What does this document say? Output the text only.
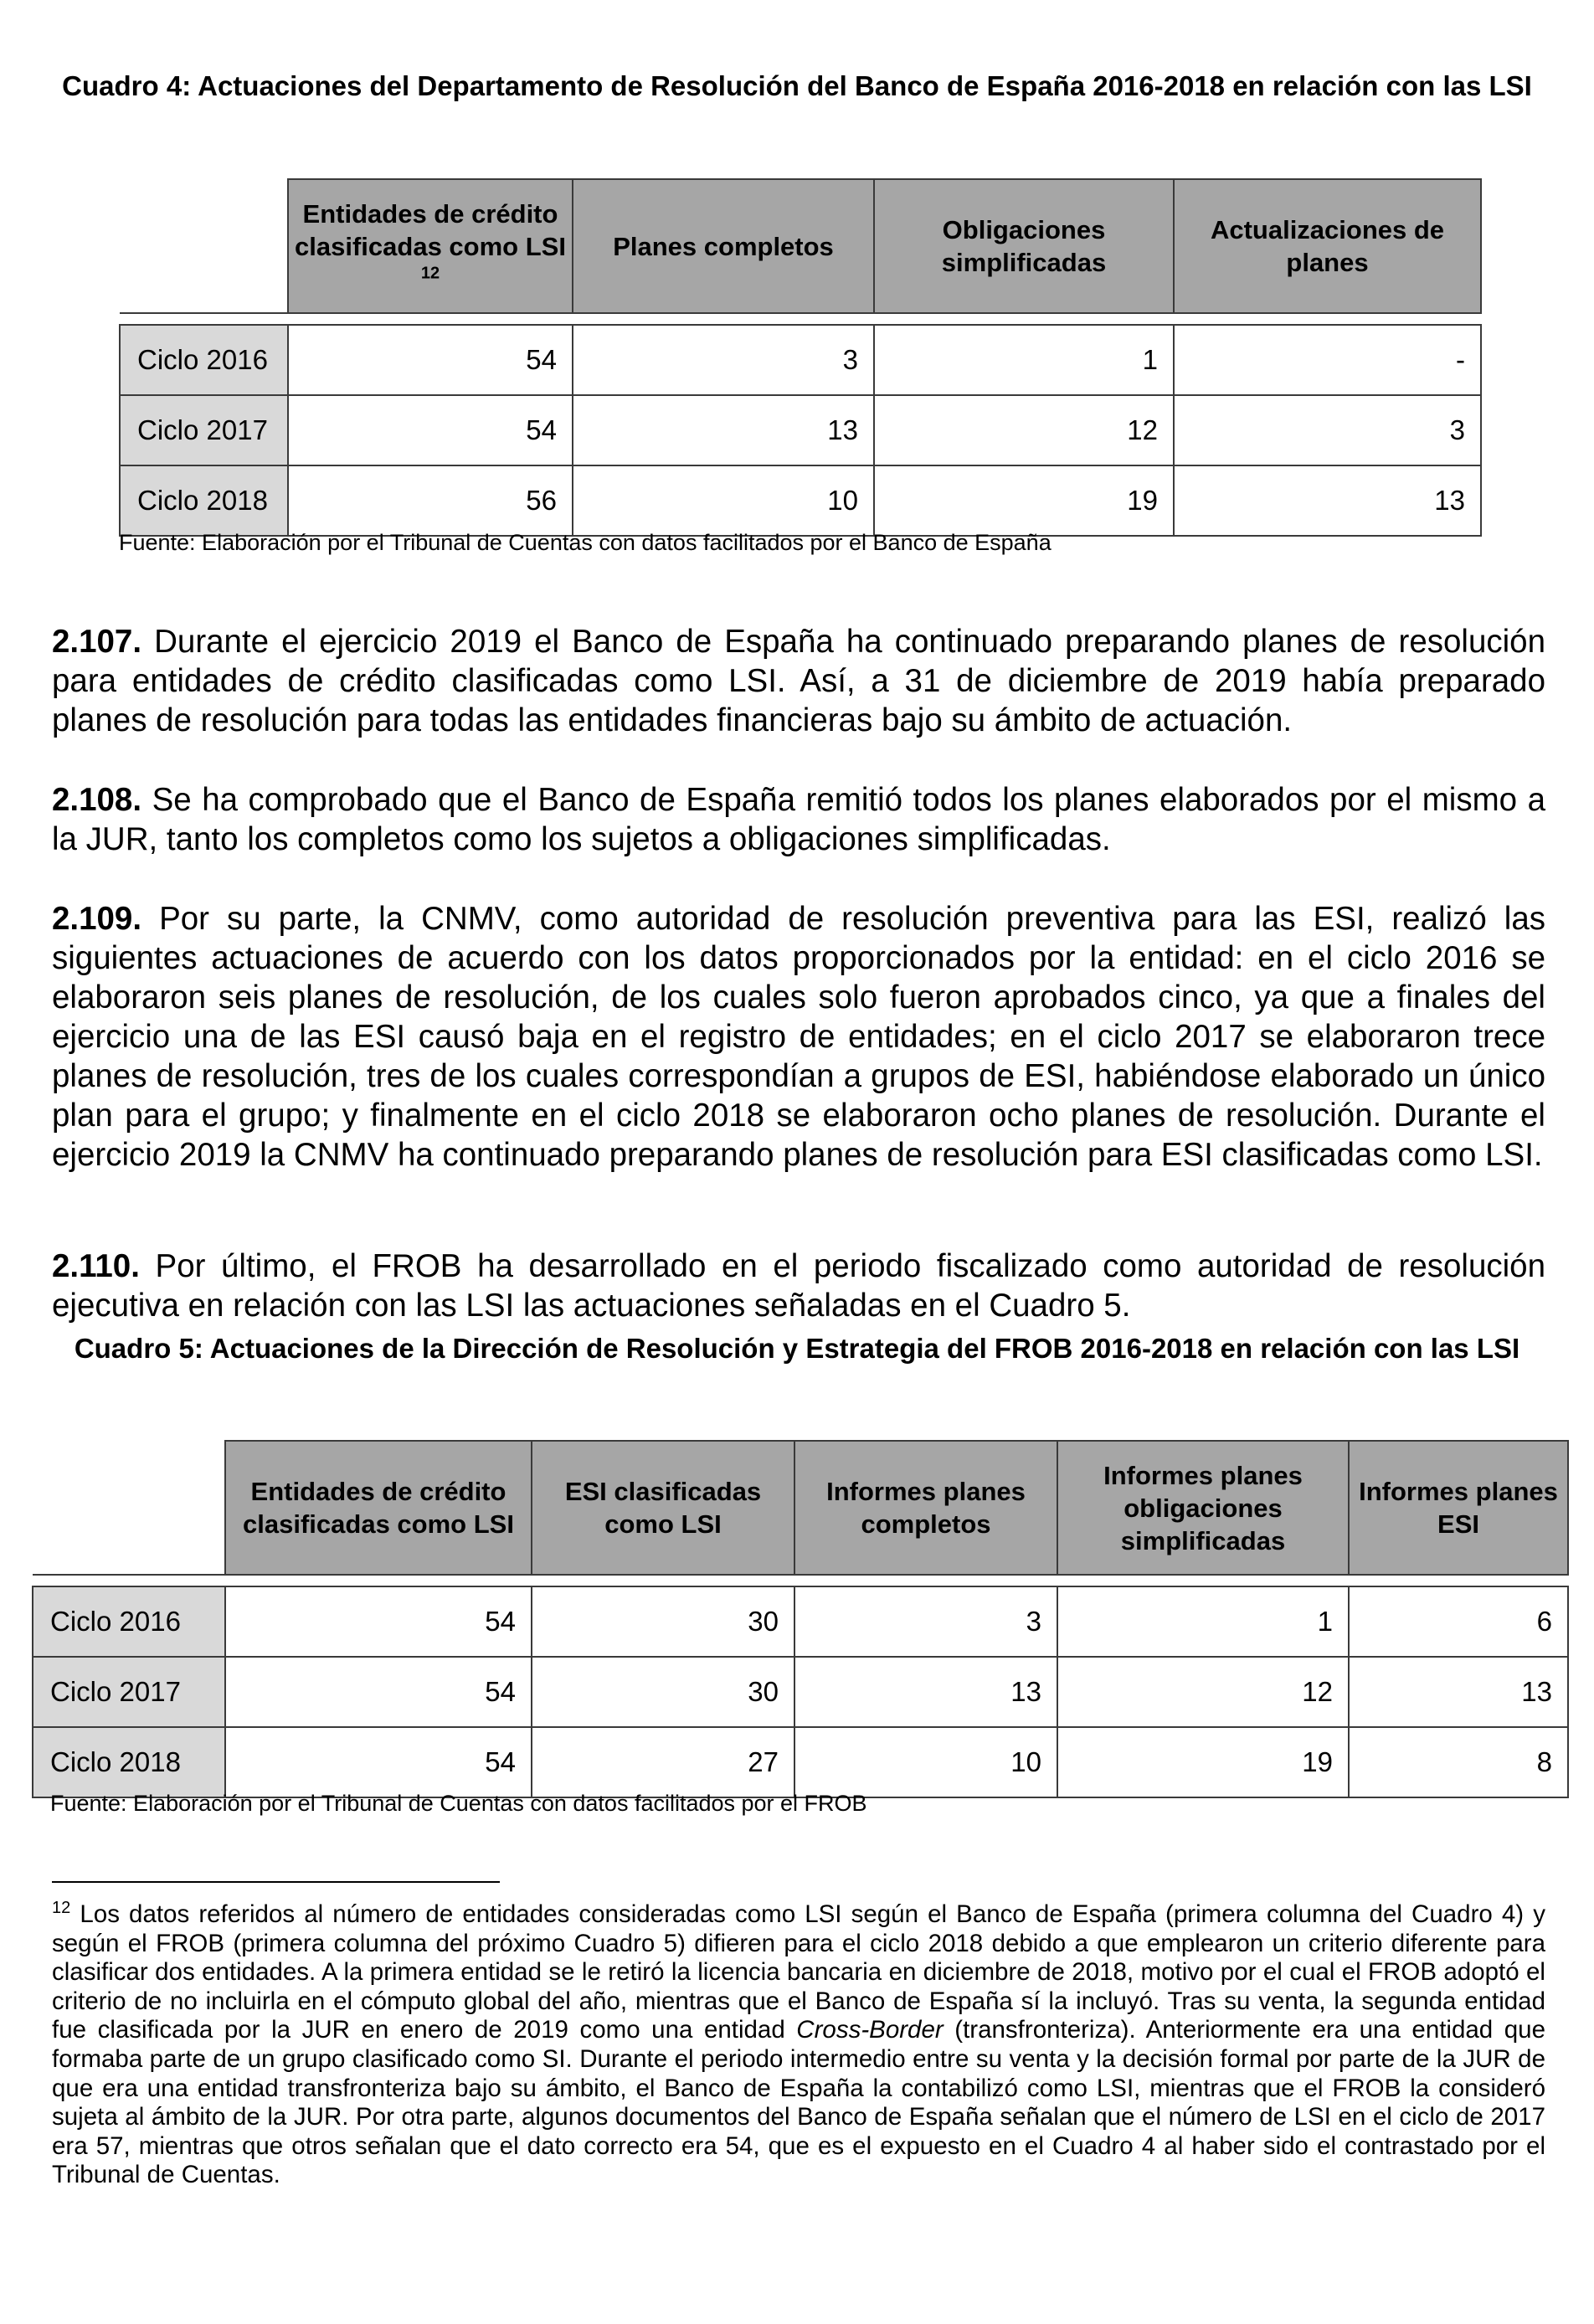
Cuadro 4: Actuaciones del Departamento de Resolución del Banco de España 2016-2018 en relación con las LSI
	Entidades de crédito clasificadas como LSI $^{12}$	Planes completos	Obligaciones simplificadas	Actualizaciones de planes

Ciclo 2016	54	3	1	-
Ciclo 2017	54	13	12	3
Ciclo 2018	56	10	19	13
Fuente: Elaboración por el Tribunal de Cuentas con datos facilitados por el Banco de España

2.107. Durante el ejercicio 2019 el Banco de España ha continuado preparando planes de resolución para entidades de crédito clasificadas como LSI. Así, a 31 de diciembre de 2019 había preparado planes de resolución para todas las entidades financieras bajo su ámbito de actuación.

2.108. Se ha comprobado que el Banco de España remitió todos los planes elaborados por el mismo a la JUR, tanto los completos como los sujetos a obligaciones simplificadas.

2.109. Por su parte, la CNMV, como autoridad de resolución preventiva para las ESI, realizó las siguientes actuaciones de acuerdo con los datos proporcionados por la entidad: en el ciclo 2016 se elaboraron seis planes de resolución, de los cuales solo fueron aprobados cinco, ya que a finales del ejercicio una de las ESI causó baja en el registro de entidades; en el ciclo 2017 se elaboraron trece planes de resolución, tres de los cuales correspondían a grupos de ESI, habiéndose elaborado un único plan para el grupo; y finalmente en el ciclo 2018 se elaboraron ocho planes de resolución. Durante el ejercicio 2019 la CNMV ha continuado preparando planes de resolución para ESI clasificadas como LSI.

2.110. Por último, el FROB ha desarrollado en el periodo fiscalizado como autoridad de resolución ejecutiva en relación con las LSI las actuaciones señaladas en el Cuadro 5.

Cuadro 5: Actuaciones de la Dirección de Resolución y Estrategia del FROB 2016-2018 en relación con las LSI
	Entidades de crédito clasificadas como LSI	ESI clasificadas como LSI	Informes planes completos	Informes planes obligaciones simplificadas	Informes planes ESI

Ciclo 2016	54	30	3	1	6
Ciclo 2017	54	30	13	12	13
Ciclo 2018	54	27	10	19	8
Fuente: Elaboración por el Tribunal de Cuentas con datos facilitados por el FROB
$^{12}$ Los datos referidos al número de entidades consideradas como LSI según el Banco de España (primera columna del Cuadro 4) y según el FROB (primera columna del próximo Cuadro 5) difieren para el ciclo 2018 debido a que emplearon un criterio diferente para clasificar dos entidades. A la primera entidad se le retiró la licencia bancaria en diciembre de 2018, motivo por el cual el FROB adoptó el criterio de no incluirla en el cómputo global del año, mientras que el Banco de España sí la incluyó. Tras su venta, la segunda entidad fue clasificada por la JUR en enero de 2019 como una entidad Cross-Border (transfronteriza). Anteriormente era una entidad que formaba parte de un grupo clasificado como SI. Durante el periodo intermedio entre su venta y la decisión formal por parte de la JUR de que era una entidad transfronteriza bajo su ámbito, el Banco de España la contabilizó como LSI, mientras que el FROB la consideró sujeta al ámbito de la JUR. Por otra parte, algunos documentos del Banco de España señalan que el número de LSI en el ciclo de 2017 era 57, mientras que otros señalan que el dato correcto era 54, que es el expuesto en el Cuadro 4 al haber sido el contrastado por el Tribunal de Cuentas.
